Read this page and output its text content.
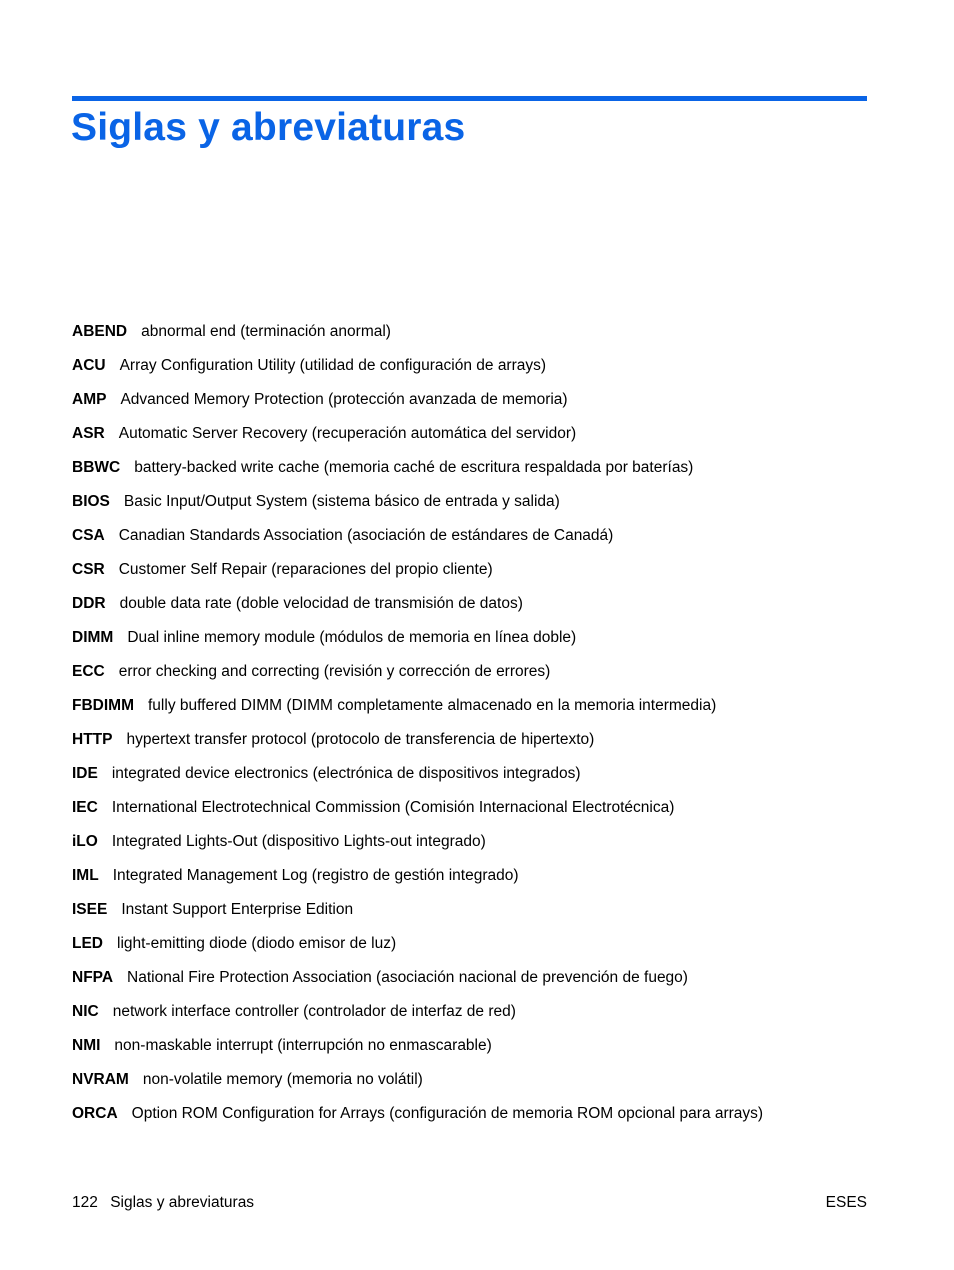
Siglas y abreviaturas
ABEND abnormal end (terminación anormal)
ACU Array Configuration Utility (utilidad de configuración de arrays)
AMP Advanced Memory Protection (protección avanzada de memoria)
ASR Automatic Server Recovery (recuperación automática del servidor)
BBWC battery-backed write cache (memoria caché de escritura respaldada por baterías)
BIOS Basic Input/Output System (sistema básico de entrada y salida)
CSA Canadian Standards Association (asociación de estándares de Canadá)
CSR Customer Self Repair (reparaciones del propio cliente)
DDR double data rate (doble velocidad de transmisión de datos)
DIMM Dual inline memory module (módulos de memoria en línea doble)
ECC error checking and correcting (revisión y corrección de errores)
FBDIMM fully buffered DIMM (DIMM completamente almacenado en la memoria intermedia)
HTTP hypertext transfer protocol (protocolo de transferencia de hipertexto)
IDE integrated device electronics (electrónica de dispositivos integrados)
IEC International Electrotechnical Commission (Comisión Internacional Electrotécnica)
iLO Integrated Lights-Out (dispositivo Lights-out integrado)
IML Integrated Management Log (registro de gestión integrado)
ISEE Instant Support Enterprise Edition
LED light-emitting diode (diodo emisor de luz)
NFPA National Fire Protection Association (asociación nacional de prevención de fuego)
NIC network interface controller (controlador de interfaz de red)
NMI non-maskable interrupt (interrupción no enmascarable)
NVRAM non-volatile memory (memoria no volátil)
ORCA Option ROM Configuration for Arrays (configuración de memoria ROM opcional para arrays)
122 Siglas y abreviaturas	ESES
